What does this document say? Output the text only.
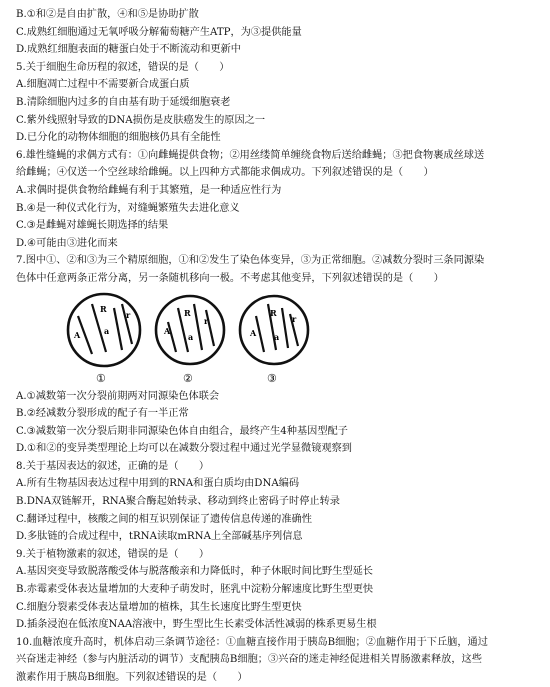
B.①和②是自由扩散，④和⑤是协助扩散
C.成熟红细胞通过无氧呼吸分解葡萄糖产生ATP，为③提供能量
D.成熟红细胞表面的糖蛋白处于不断流动和更新中
5.关于细胞生命历程的叙述，错误的是（　　）
A.细胞凋亡过程中不需要新合成蛋白质
B.清除细胞内过多的自由基有助于延缓细胞衰老
C.紫外线照射导致的DNA损伤是皮肤癌发生的原因之一
D.已分化的动物体细胞的细胞核仍具有全能性
6.雄性缝蝇的求偶方式有：①向雌蝇提供食物；②用丝缕简单缠绕食物后送给雌蝇；③把食物裹成丝球送
给雌蝇；④仅送一个空丝球给雌蝇。以上四种方式都能求偶成功。下列叙述错误的是（　　）
A.求偶时提供食物给雌蝇有利于其繁殖，是一种适应性行为
B.④是一种仪式化行为，对缝蝇繁殖失去进化意义
C.③是雌蝇对雄蝇长期选择的结果
D.④可能由③进化而来
7.图中①、②和③为三个精原细胞，①和②发生了染色体变异，③为正常细胞。②减数分裂时三条同源染
色体中任意两条正常分离，另一条随机移向一极。不考虑其他变异，下列叙述错误的是（　　）
R
r
A	a
R
r
A
a
R
r
A a
①	②	③
A.①减数第一次分裂前期两对同源染色体联会
B.②经减数分裂形成的配子有一半正常
C.③减数第一次分裂后期非同源染色体自由组合，最终产生4种基因型配子
D.①和②的变异类型理论上均可以在减数分裂过程中通过光学显微镜观察到
8.关于基因表达的叙述，正确的是（　　）
A.所有生物基因表达过程中用到的RNA和蛋白质均由DNA编码
B.DNA双链解开，RNA聚合酶起始转录、移动到终止密码子时停止转录
C.翻译过程中，核酸之间的相互识别保证了遗传信息传递的准确性
D.多肽链的合成过程中，tRNA读取mRNA上全部碱基序列信息
9.关于植物激素的叙述，错误的是（　　）
A.基因突变导致脱落酸受体与脱落酸亲和力降低时，种子休眠时间比野生型延长
B.赤霉素受体表达量增加的大麦种子萌发时，胚乳中淀粉分解速度比野生型更快
C.细胞分裂素受体表达量增加的植株，其生长速度比野生型更快
D.插条浸泡在低浓度NAA溶液中，野生型比生长素受体活性减弱的株系更易生根
10.血糖浓度升高时，机体启动三条调节途径：①血糖直接作用于胰岛B细胞；②血糖作用于下丘脑，通过
兴奋迷走神经（参与内脏活动的调节）支配胰岛B细胞；③兴奋的迷走神经促进相关胃肠激素释放，这些
激素作用于胰岛B细胞。下列叙述错误的是（　　）
